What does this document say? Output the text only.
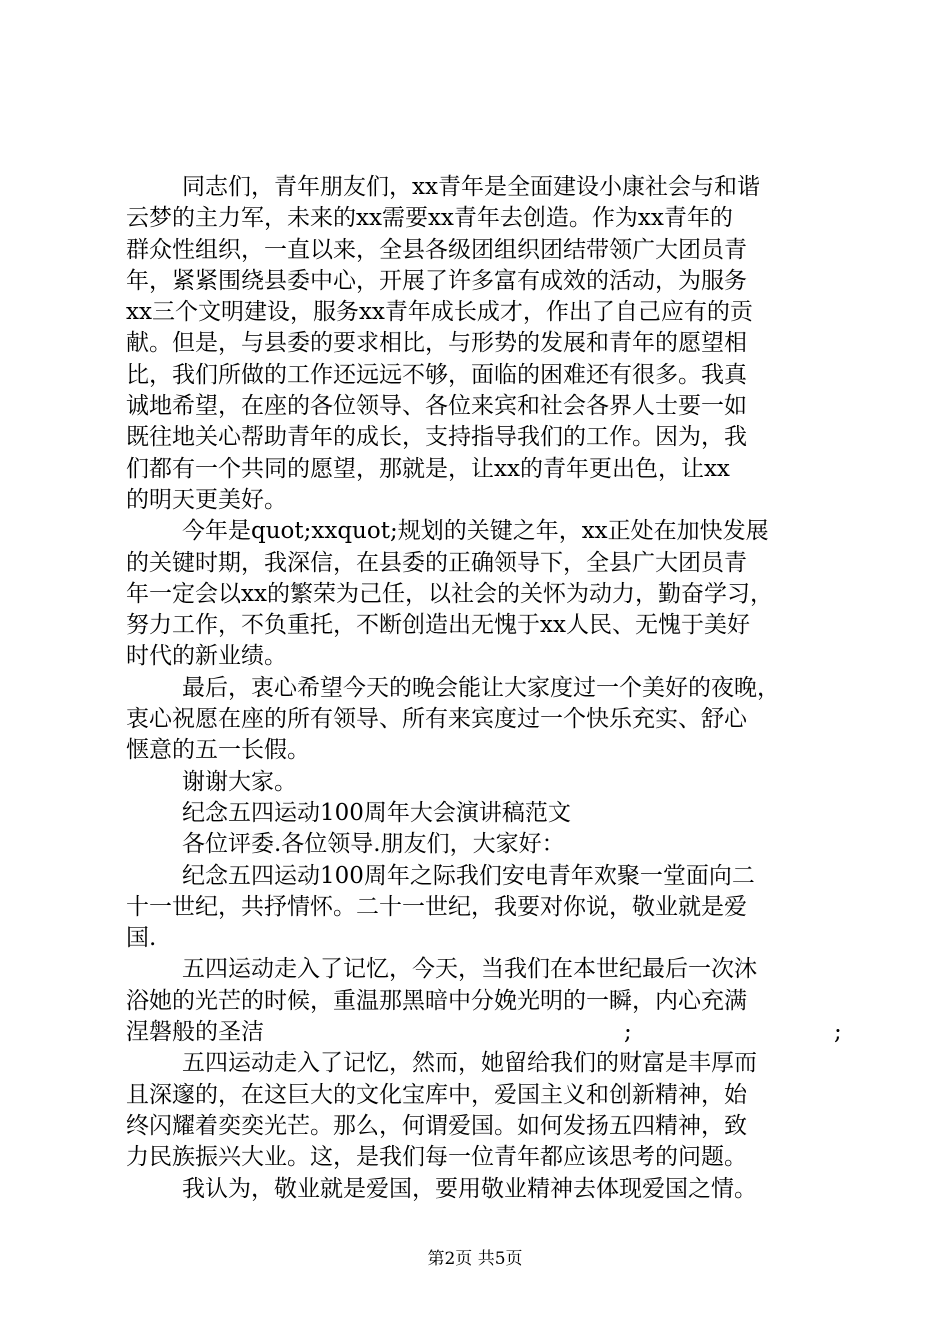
同志们，青年朋友们，xx青年是全面建设小康社会与和谐
云梦的主力军，未来的xx需要xx青年去创造。作为xx青年的
群众性组织，一直以来，全县各级团组织团结带领广大团员青
年，紧紧围绕县委中心，开展了许多富有成效的活动，为服务
xx三个文明建设，服务xx青年成长成才，作出了自己应有的贡
献。但是，与县委的要求相比，与形势的发展和青年的愿望相
比，我们所做的工作还远远不够，面临的困难还有很多。我真
诚地希望，在座的各位领导、各位来宾和社会各界人士要一如
既往地关心帮助青年的成长，支持指导我们的工作。因为，我
们都有一个共同的愿望，那就是，让xx的青年更出色，让xx
的明天更美好。
今年是quot;xxquot;规划的关键之年，xx正处在加快发展
的关键时期，我深信，在县委的正确领导下，全县广大团员青
年一定会以xx的繁荣为己任，以社会的关怀为动力，勤奋学习，
努力工作，不负重托，不断创造出无愧于xx人民、无愧于美好
时代的新业绩。
最后，衷心希望今天的晚会能让大家度过一个美好的夜晚，
衷心祝愿在座的所有领导、所有来宾度过一个快乐充实、舒心
惬意的五一长假。
谢谢大家。
纪念五四运动100周年大会演讲稿范文
各位评委.各位领导.朋友们，大家好：
纪念五四运动100周年之际我们安电青年欢聚一堂面向二
十一世纪，共抒情怀。二十一世纪，我要对你说，敬业就是爱
国.
五四运动走入了记忆，今天，当我们在本世纪最后一次沐
浴她的光芒的时候，重温那黑暗中分娩光明的一瞬，内心充满
涅磐般的圣洁	;	;
五四运动走入了记忆，然而，她留给我们的财富是丰厚而
且深邃的，在这巨大的文化宝库中，爱国主义和创新精神，始
终闪耀着奕奕光芒。那么，何谓爱国。如何发扬五四精神，致
力民族振兴大业。这，是我们每一位青年都应该思考的问题。
我认为，敬业就是爱国，要用敬业精神去体现爱国之情。
第2页 共5页
